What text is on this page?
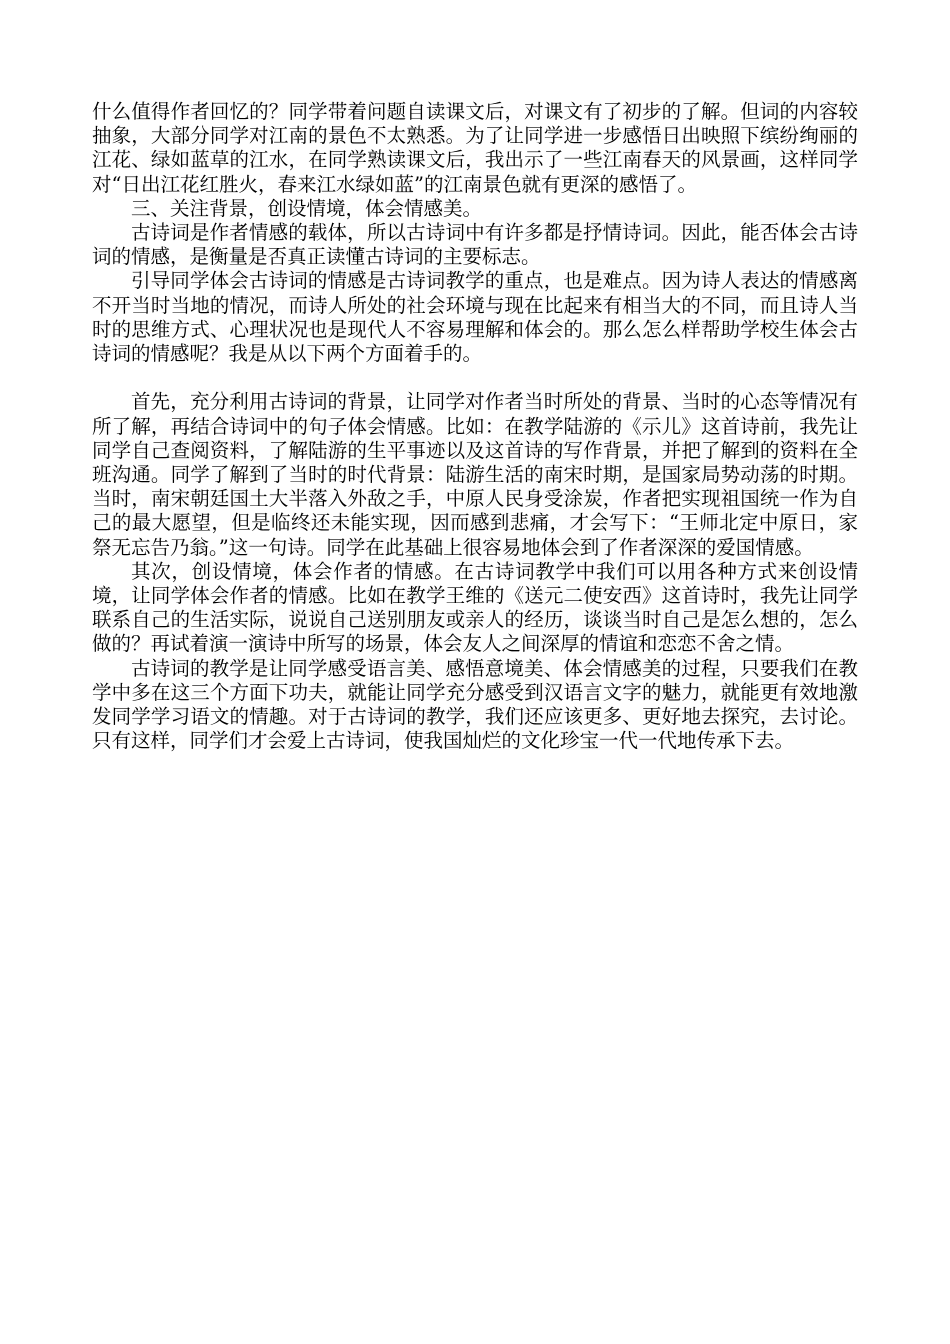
什么值得作者回忆的？同学带着问题自读课文后，对课文有了初步的了解。但词的内容较抽象，大部分同学对江南的景色不太熟悉。为了让同学进一步感悟日出映照下缤纷绚丽的江花、绿如蓝草的江水，在同学熟读课文后，我出示了一些江南春天的风景画，这样同学对“日出江花红胜火，春来江水绿如蓝”的江南景色就有更深的感悟了。

三、关注背景，创设情境，体会情感美。

古诗词是作者情感的载体，所以古诗词中有许多都是抒情诗词。因此，能否体会古诗词的情感，是衡量是否真正读懂古诗词的主要标志。

引导同学体会古诗词的情感是古诗词教学的重点，也是难点。因为诗人表达的情感离不开当时当地的情况，而诗人所处的社会环境与现在比起来有相当大的不同，而且诗人当时的思维方式、心理状况也是现代人不容易理解和体会的。那么怎么样帮助学校生体会古诗词的情感呢？我是从以下两个方面着手的。

首先，充分利用古诗词的背景，让同学对作者当时所处的背景、当时的心态等情况有所了解，再结合诗词中的句子体会情感。比如：在教学陆游的《示儿》这首诗前，我先让同学自己查阅资料，了解陆游的生平事迹以及这首诗的写作背景，并把了解到的资料在全班沟通。同学了解到了当时的时代背景：陆游生活的南宋时期，是国家局势动荡的时期。当时，南宋朝廷国土大半落入外敌之手，中原人民身受涂炭，作者把实现祖国统一作为自己的最大愿望，但是临终还未能实现，因而感到悲痛，才会写下：“王师北定中原日，家祭无忘告乃翁。”这一句诗。同学在此基础上很容易地体会到了作者深深的爱国情感。

其次，创设情境，体会作者的情感。在古诗词教学中我们可以用各种方式来创设情境，让同学体会作者的情感。比如在教学王维的《送元二使安西》这首诗时，我先让同学联系自己的生活实际，说说自己送别朋友或亲人的经历，谈谈当时自己是怎么想的，怎么做的？再试着演一演诗中所写的场景，体会友人之间深厚的情谊和恋恋不舍之情。

古诗词的教学是让同学感受语言美、感悟意境美、体会情感美的过程，只要我们在教学中多在这三个方面下功夫，就能让同学充分感受到汉语言文字的魅力，就能更有效地激发同学学习语文的情趣。对于古诗词的教学，我们还应该更多、更好地去探究，去讨论。只有这样，同学们才会爱上古诗词，使我国灿烂的文化珍宝一代一代地传承下去。
